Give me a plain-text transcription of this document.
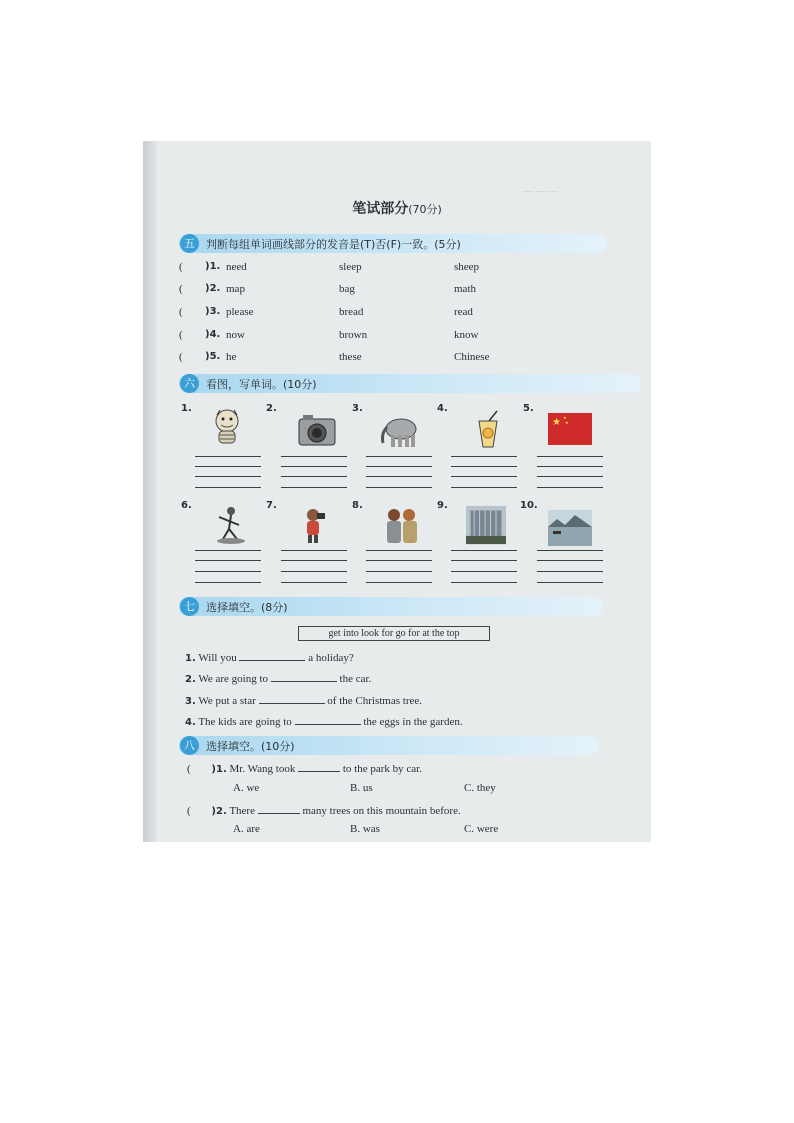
— — —
笔试部分(70分)
五	判断每组单词画线部分的发音是(T)否(F)一致。(5分)
( )1. need	sleep	sheep
( )2. map	bag	math
( )3. please	bread	read
( )4. now	brown	know
( )5. he	these	Chinese
六	看图，写单词。(10分)
1.	2.	3.	4.	5.
★ ★
★
6.	7.	8.	9.	10.
七	选择填空。(8分)
get into look for go for at the top
1. Will you	a holiday?
2. We are going to	the car.
3. We put a star	of the Christmas tree.
4. The kids are going to	the eggs in the garden.
八	选择填空。(10分)
( )1. Mr. Wang took	to the park by car.
A. we	B. us	C. they
( )2. There	many trees on this mountain before.
A. are	B. was	C. were
